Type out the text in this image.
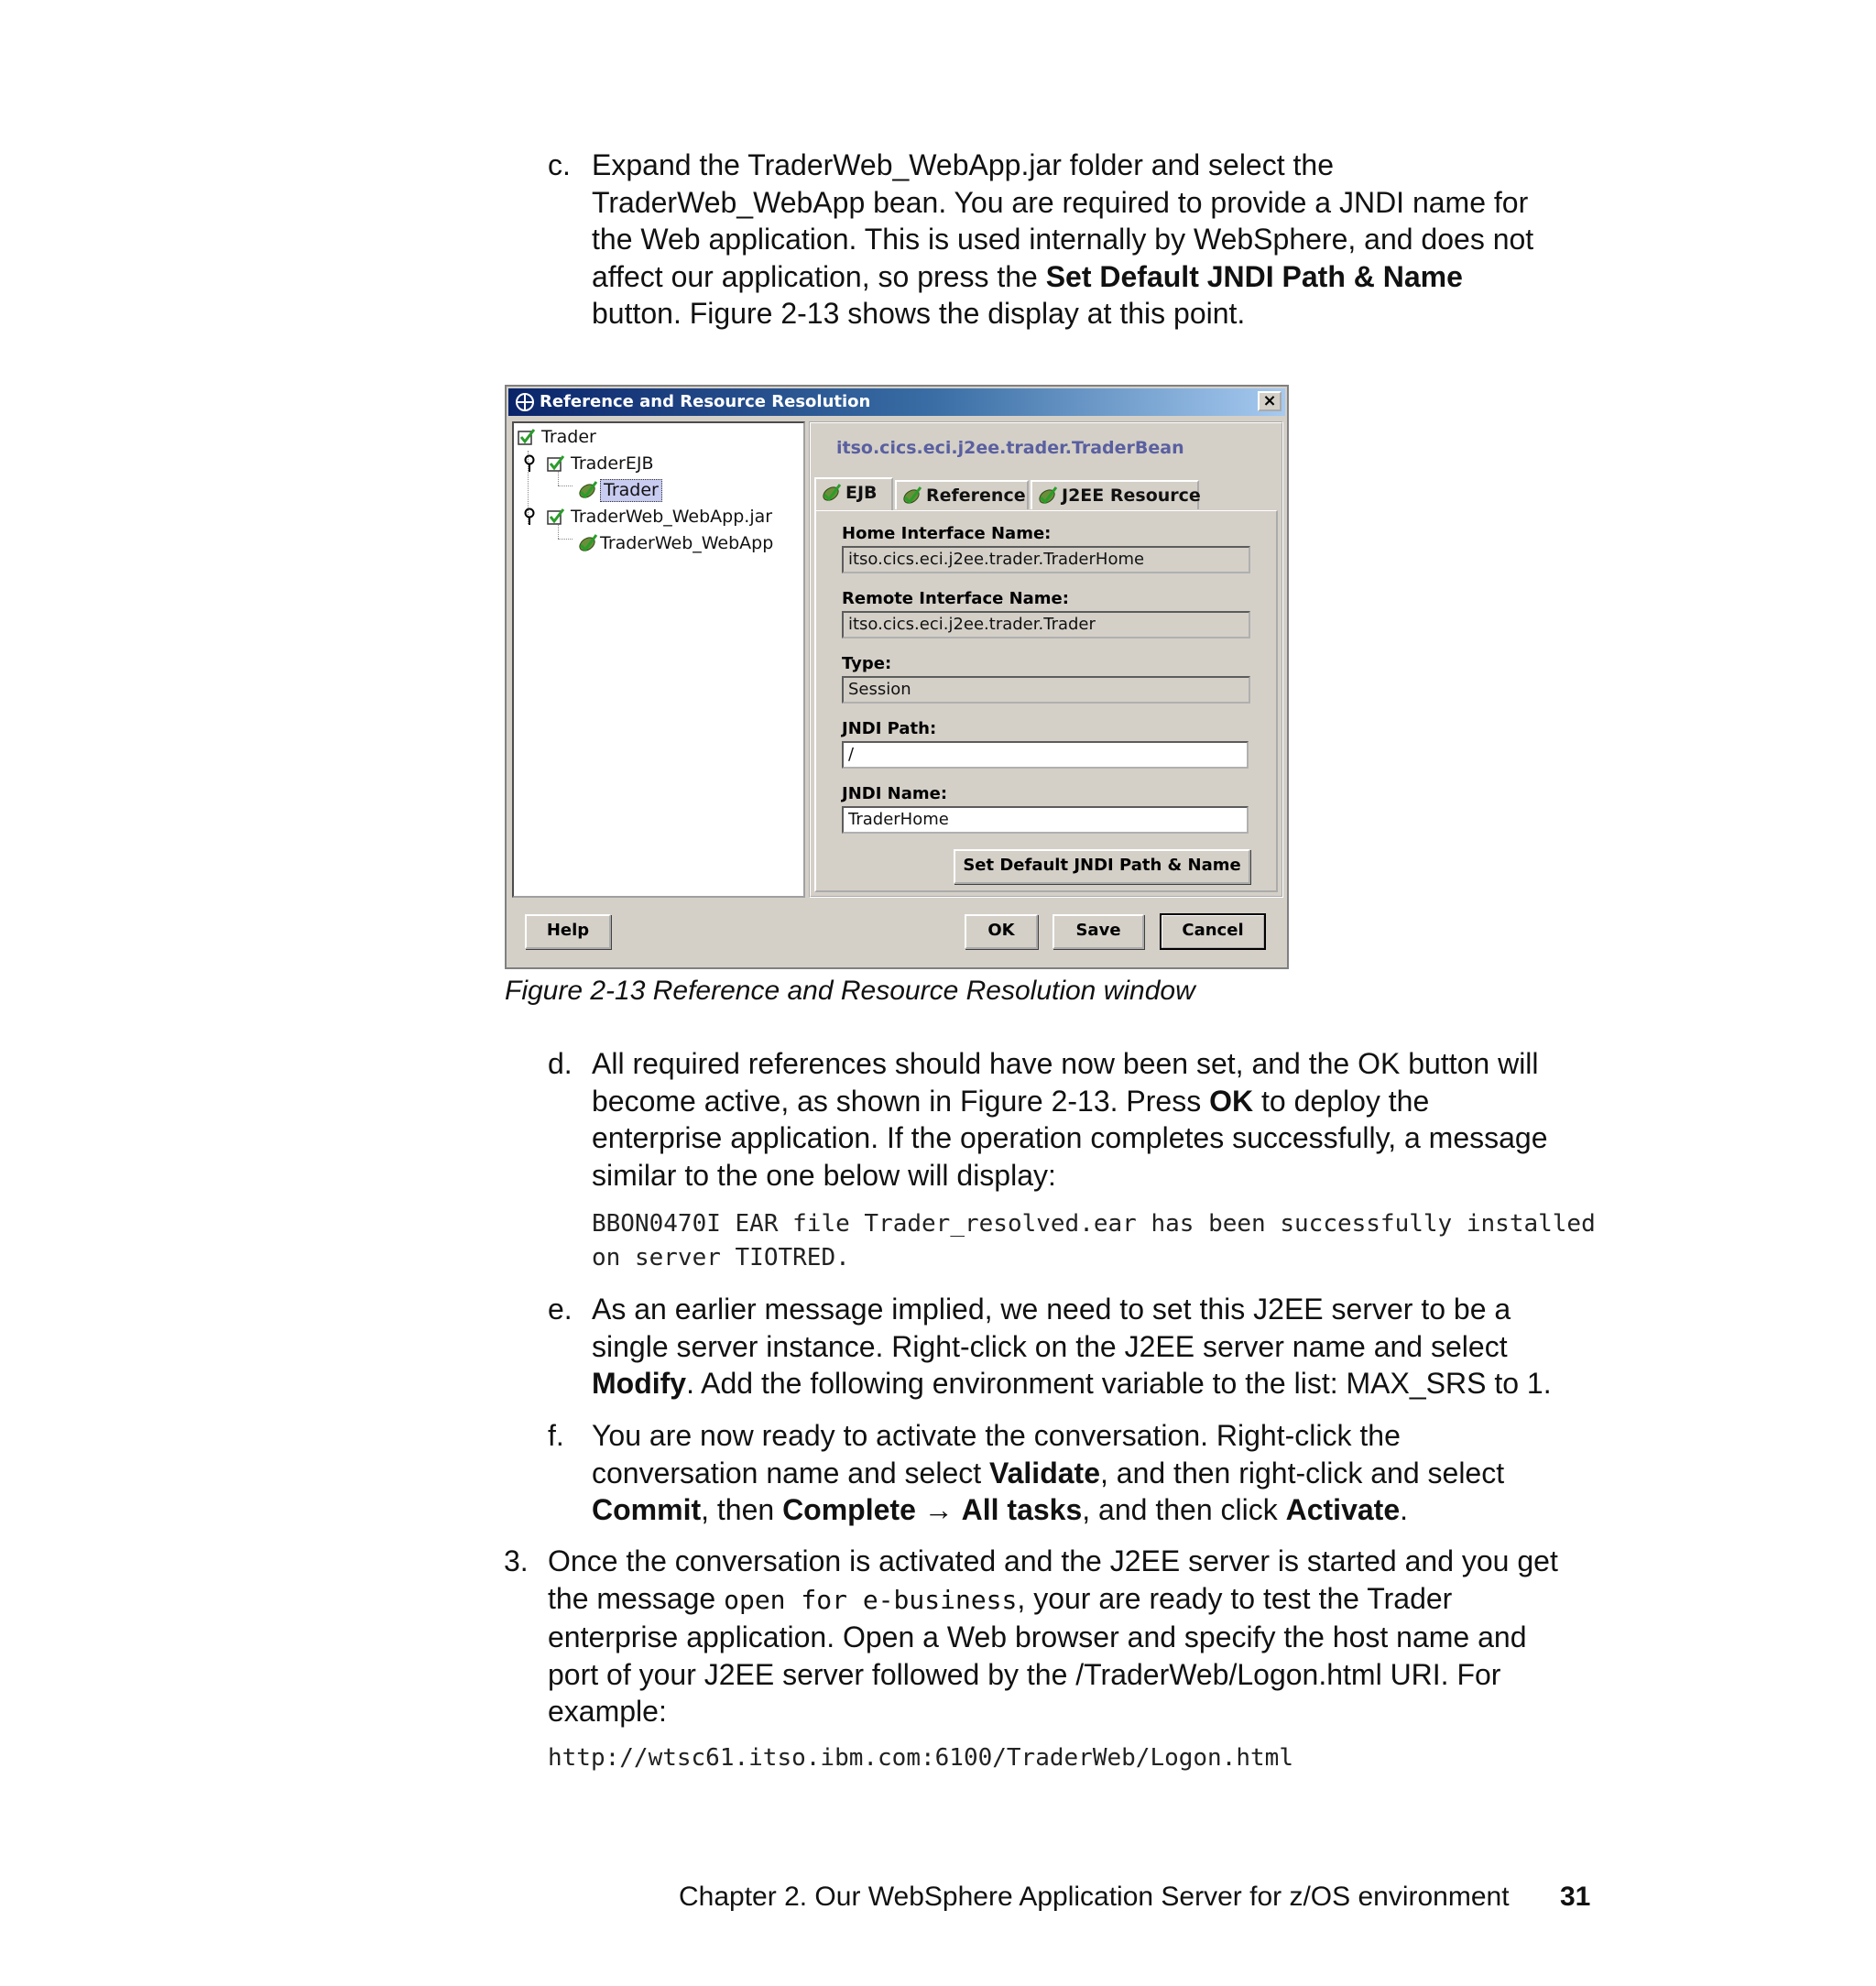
c. Expand the TraderWeb_WebApp.jar folder and select the
TraderWeb_WebApp bean. You are required to provide a JNDI name for
the Web application. This is used internally by WebSphere, and does not
affect our application, so press the Set Default JNDI Path & Name
button. Figure 2-13 shows the display at this point.
Reference and Resource Resolution	×
Trader
TraderEJB
Trader
TraderWeb_WebApp.jar
TraderWeb_WebApp
itso.cics.eci.j2ee.trader.TraderBean
EJB	Reference J2EE Resource
Home Interface Name:
itso.cics.eci.j2ee.trader.TraderHome
Remote Interface Name:
itso.cics.eci.j2ee.trader.Trader
Type:
Session
JNDI Path:
/
JNDI Name:
TraderHome
Set Default JNDI Path & Name
Help	OK	Save	Cancel
Figure 2-13 Reference and Resource Resolution window
d. All required references should have now been set, and the OK button will
become active, as shown in Figure 2-13. Press OK to deploy the
enterprise application. If the operation completes successfully, a message
similar to the one below will display:
BBON0470I EAR file Trader_resolved.ear has been successfully installed
on server TIOTRED.
e. As an earlier message implied, we need to set this J2EE server to be a
single server instance. Right-click on the J2EE server name and select
Modify. Add the following environment variable to the list: MAX_SRS to 1.
f. You are now ready to activate the conversation. Right-click the
conversation name and select Validate, and then right-click and select
Commit, then Complete → All tasks, and then click Activate.
3. Once the conversation is activated and the J2EE server is started and you get
the message open for e-business, your are ready to test the Trader
enterprise application. Open a Web browser and specify the host name and
port of your J2EE server followed by the /TraderWeb/Logon.html URI. For
example:
http://wtsc61.itso.ibm.com:6100/TraderWeb/Logon.html
Chapter 2. Our WebSphere Application Server for z/OS environment 31
